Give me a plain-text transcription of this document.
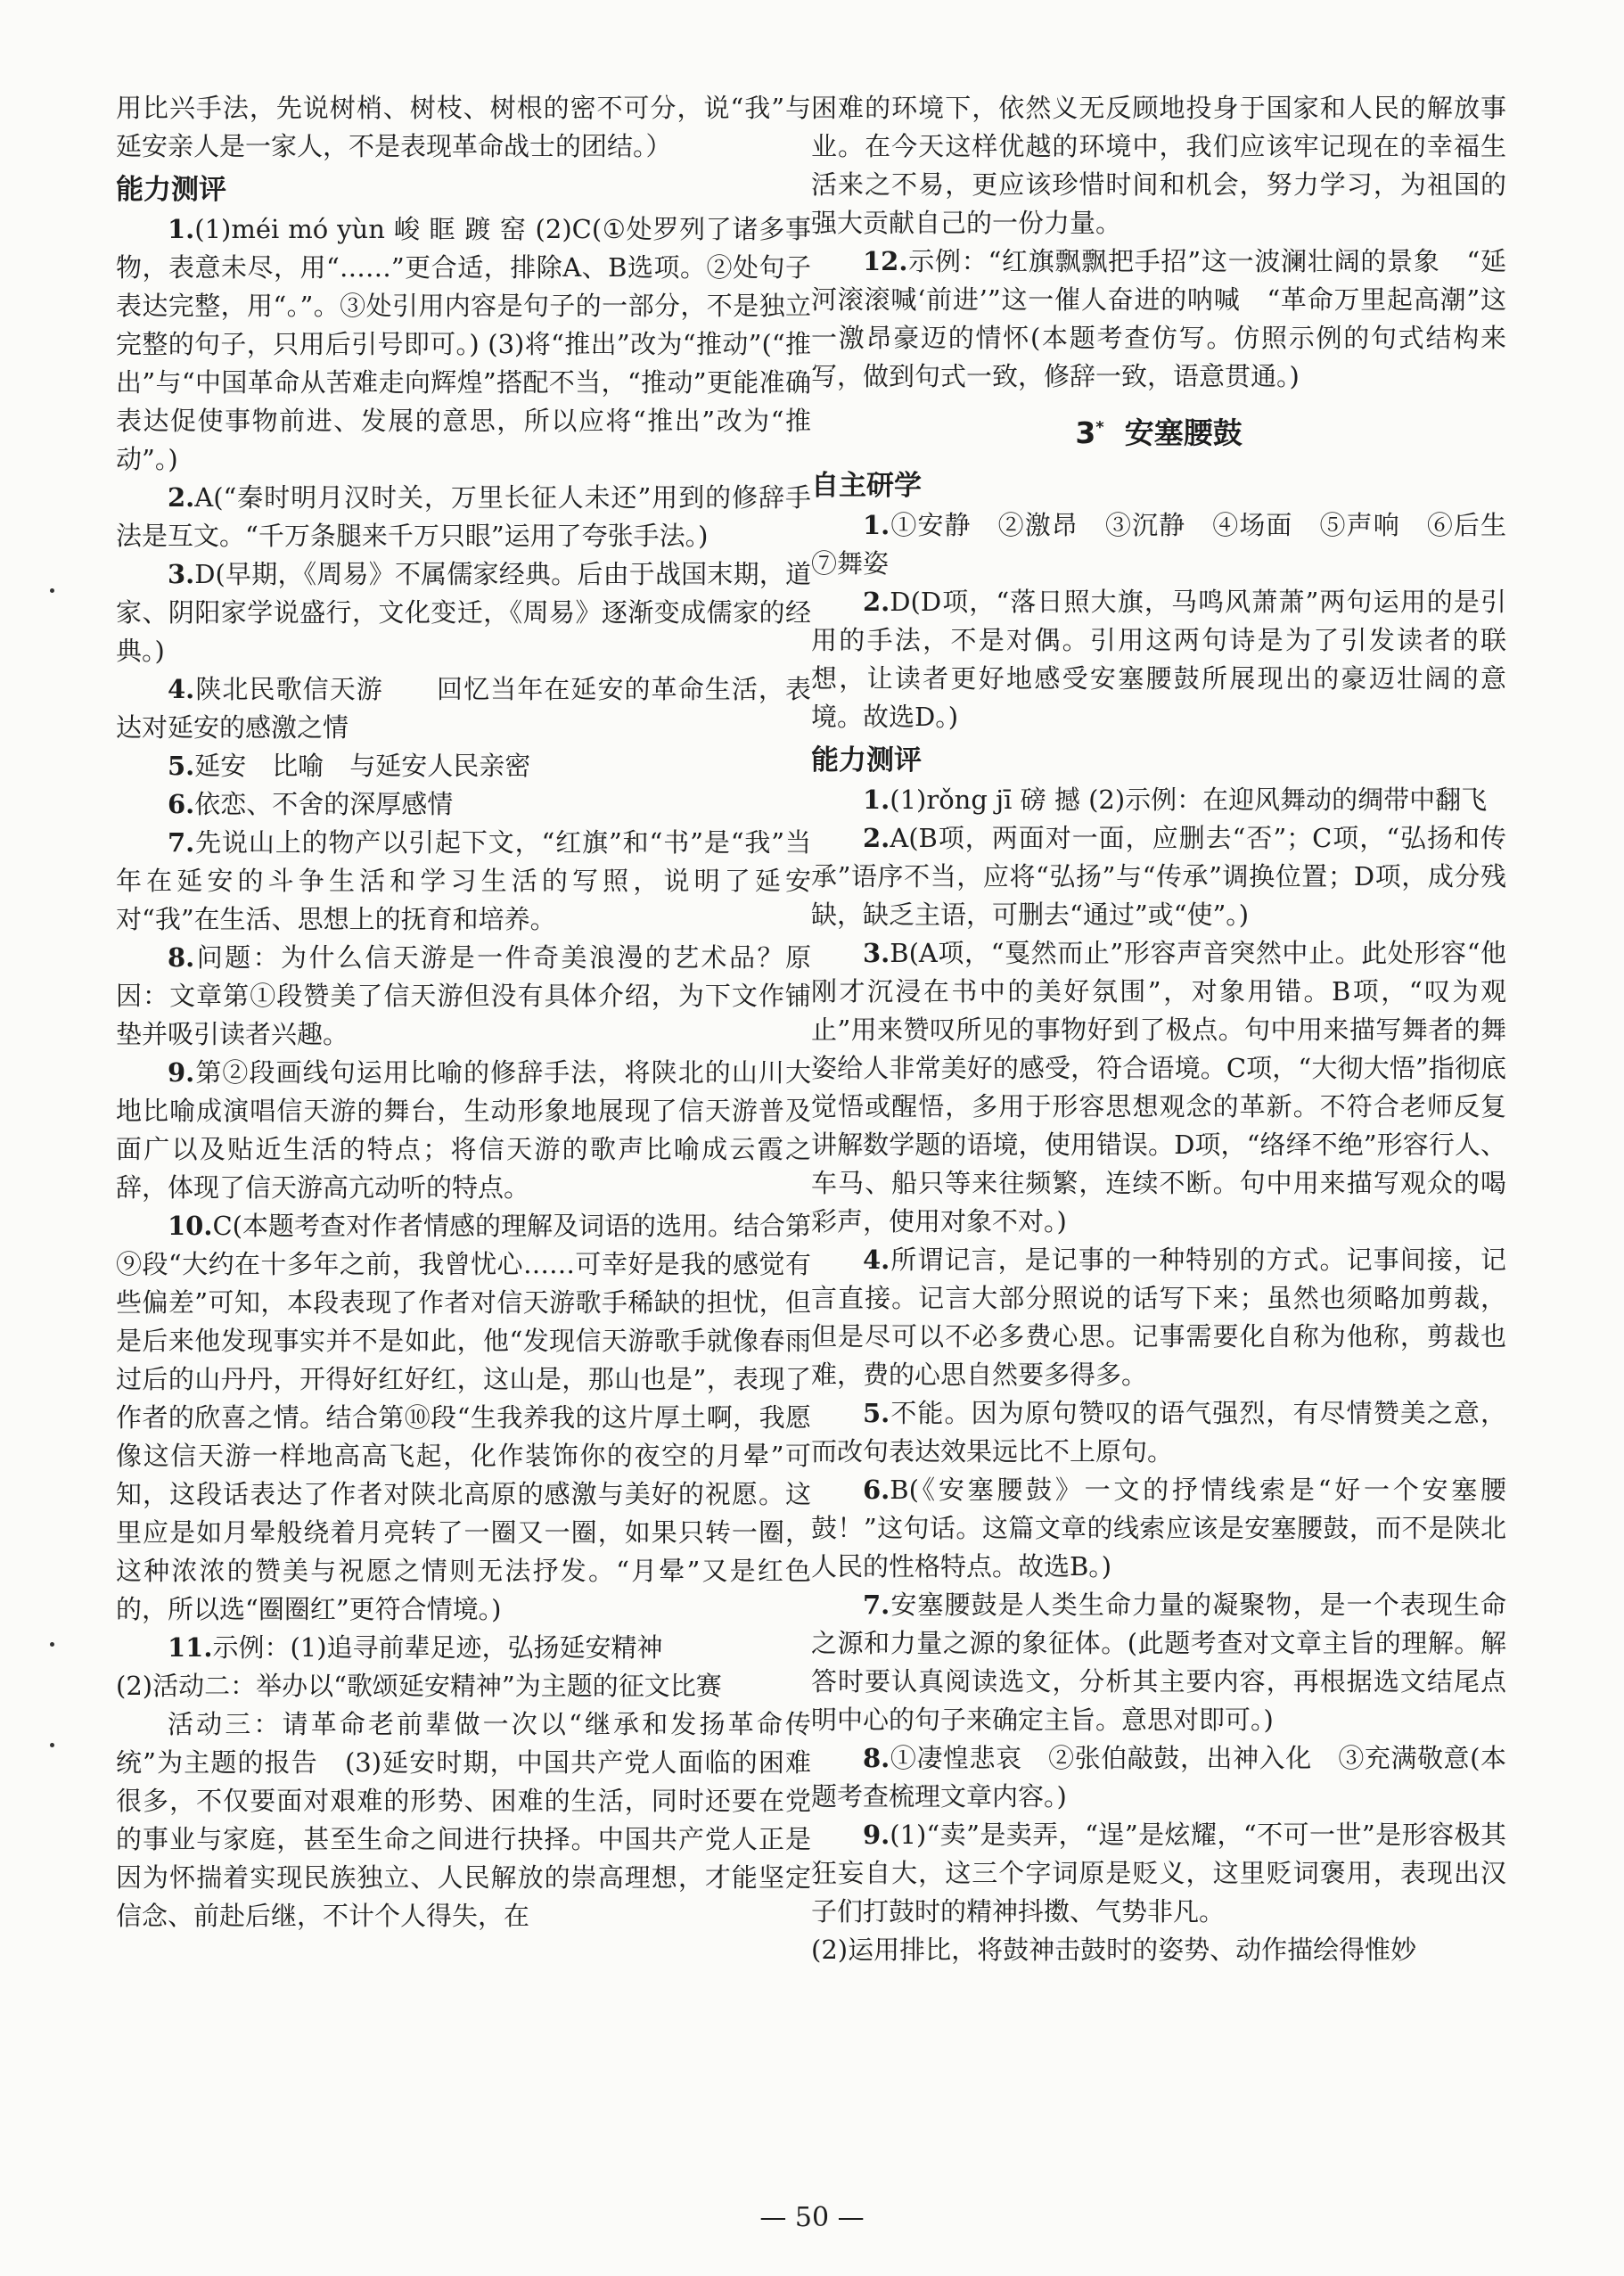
用比兴手法，先说树梢、树枝、树根的密不可分，说“我”与延安亲人是一家人，不是表现革命战士的团结。）

能力测评

1.(1)méi mó yùn 峻 眶 踱 窑 (2)C(①处罗列了诸多事物，表意未尽，用“……”更合适，排除A、B选项。②处句子表达完整，用“。”。③处引用内容是句子的一部分，不是独立完整的句子，只用后引号即可。) (3)将“推出”改为“推动”(“推出”与“中国革命从苦难走向辉煌”搭配不当，“推动”更能准确表达促使事物前进、发展的意思，所以应将“推出”改为“推动”。)

2.A(“秦时明月汉时关，万里长征人未还”用到的修辞手法是互文。“千万条腿来千万只眼”运用了夸张手法。)

3.D(早期，《周易》不属儒家经典。后由于战国末期，道家、阴阳家学说盛行，文化变迁，《周易》逐渐变成儒家的经典。)

4.陕北民歌信天游　　回忆当年在延安的革命生活，表达对延安的感激之情

5.延安　比喻　与延安人民亲密

6.依恋、不舍的深厚感情

7.先说山上的物产以引起下文，“红旗”和“书”是“我”当年在延安的斗争生活和学习生活的写照，说明了延安对“我”在生活、思想上的抚育和培养。

8.问题：为什么信天游是一件奇美浪漫的艺术品？原因：文章第①段赞美了信天游但没有具体介绍，为下文作铺垫并吸引读者兴趣。

9.第②段画线句运用比喻的修辞手法，将陕北的山川大地比喻成演唱信天游的舞台，生动形象地展现了信天游普及面广以及贴近生活的特点；将信天游的歌声比喻成云霞之辞，体现了信天游高亢动听的特点。

10.C(本题考查对作者情感的理解及词语的选用。结合第⑨段“大约在十多年之前，我曾忧心……可幸好是我的感觉有些偏差”可知，本段表现了作者对信天游歌手稀缺的担忧，但是后来他发现事实并不是如此，他“发现信天游歌手就像春雨过后的山丹丹，开得好红好红，这山是，那山也是”，表现了作者的欣喜之情。结合第⑩段“生我养我的这片厚土啊，我愿像这信天游一样地高高飞起，化作装饰你的夜空的月晕”可知，这段话表达了作者对陕北高原的感激与美好的祝愿。这里应是如月晕般绕着月亮转了一圈又一圈，如果只转一圈，这种浓浓的赞美与祝愿之情则无法抒发。“月晕”又是红色的，所以选“圈圈红”更符合情境。)

11.示例：(1)追寻前辈足迹，弘扬延安精神

(2)活动二：举办以“歌颂延安精神”为主题的征文比赛

活动三：请革命老前辈做一次以“继承和发扬革命传统”为主题的报告　(3)延安时期，中国共产党人面临的困难很多，不仅要面对艰难的形势、困难的生活，同时还要在党的事业与家庭，甚至生命之间进行抉择。中国共产党人正是因为怀揣着实现民族独立、人民解放的崇高理想，才能坚定信念、前赴后继，不计个人得失，在

困难的环境下，依然义无反顾地投身于国家和人民的解放事业。在今天这样优越的环境中，我们应该牢记现在的幸福生活来之不易，更应该珍惜时间和机会，努力学习，为祖国的强大贡献自己的一份力量。

12.示例：“红旗飘飘把手招”这一波澜壮阔的景象　“延河滚滚喊‘前进’”这一催人奋进的呐喊　“革命万里起高潮”这一激昂豪迈的情怀(本题考查仿写。仿照示例的句式结构来写，做到句式一致，修辞一致，语意贯通。)

3* 安塞腰鼓
自主研学

1.①安静　②激昂　③沉静　④场面　⑤声响　⑥后生　⑦舞姿

2.D(D项，“落日照大旗，马鸣风萧萧”两句运用的是引用的手法，不是对偶。引用这两句诗是为了引发读者的联想，让读者更好地感受安塞腰鼓所展现出的豪迈壮阔的意境。故选D。)

能力测评

1.(1)rǒng jī 磅 撼 (2)示例：在迎风舞动的绸带中翻飞

2.A(B项，两面对一面，应删去“否”；C项，“弘扬和传承”语序不当，应将“弘扬”与“传承”调换位置；D项，成分残缺，缺乏主语，可删去“通过”或“使”。)

3.B(A项，“戛然而止”形容声音突然中止。此处形容“他刚才沉浸在书中的美好氛围”，对象用错。B项，“叹为观止”用来赞叹所见的事物好到了极点。句中用来描写舞者的舞姿给人非常美好的感受，符合语境。C项，“大彻大悟”指彻底觉悟或醒悟，多用于形容思想观念的革新。不符合老师反复讲解数学题的语境，使用错误。D项，“络绎不绝”形容行人、车马、船只等来往频繁，连续不断。句中用来描写观众的喝彩声，使用对象不对。)

4.所谓记言，是记事的一种特别的方式。记事间接，记言直接。记言大部分照说的话写下来；虽然也须略加剪裁，但是尽可以不必多费心思。记事需要化自称为他称，剪裁也难，费的心思自然要多得多。

5.不能。因为原句赞叹的语气强烈，有尽情赞美之意，而改句表达效果远比不上原句。

6.B(《安塞腰鼓》一文的抒情线索是“好一个安塞腰鼓！”这句话。这篇文章的线索应该是安塞腰鼓，而不是陕北人民的性格特点。故选B。)

7.安塞腰鼓是人类生命力量的凝聚物，是一个表现生命之源和力量之源的象征体。(此题考查对文章主旨的理解。解答时要认真阅读选文，分析其主要内容，再根据选文结尾点明中心的句子来确定主旨。意思对即可。)

8.①凄惶悲哀　②张伯敲鼓，出神入化　③充满敬意(本题考查梳理文章内容。)

9.(1)“卖”是卖弄，“逞”是炫耀，“不可一世”是形容极其狂妄自大，这三个字词原是贬义，这里贬词褒用，表现出汉子们打鼓时的精神抖擞、气势非凡。

(2)运用排比，将鼓神击鼓时的姿势、动作描绘得惟妙

— 50 —
